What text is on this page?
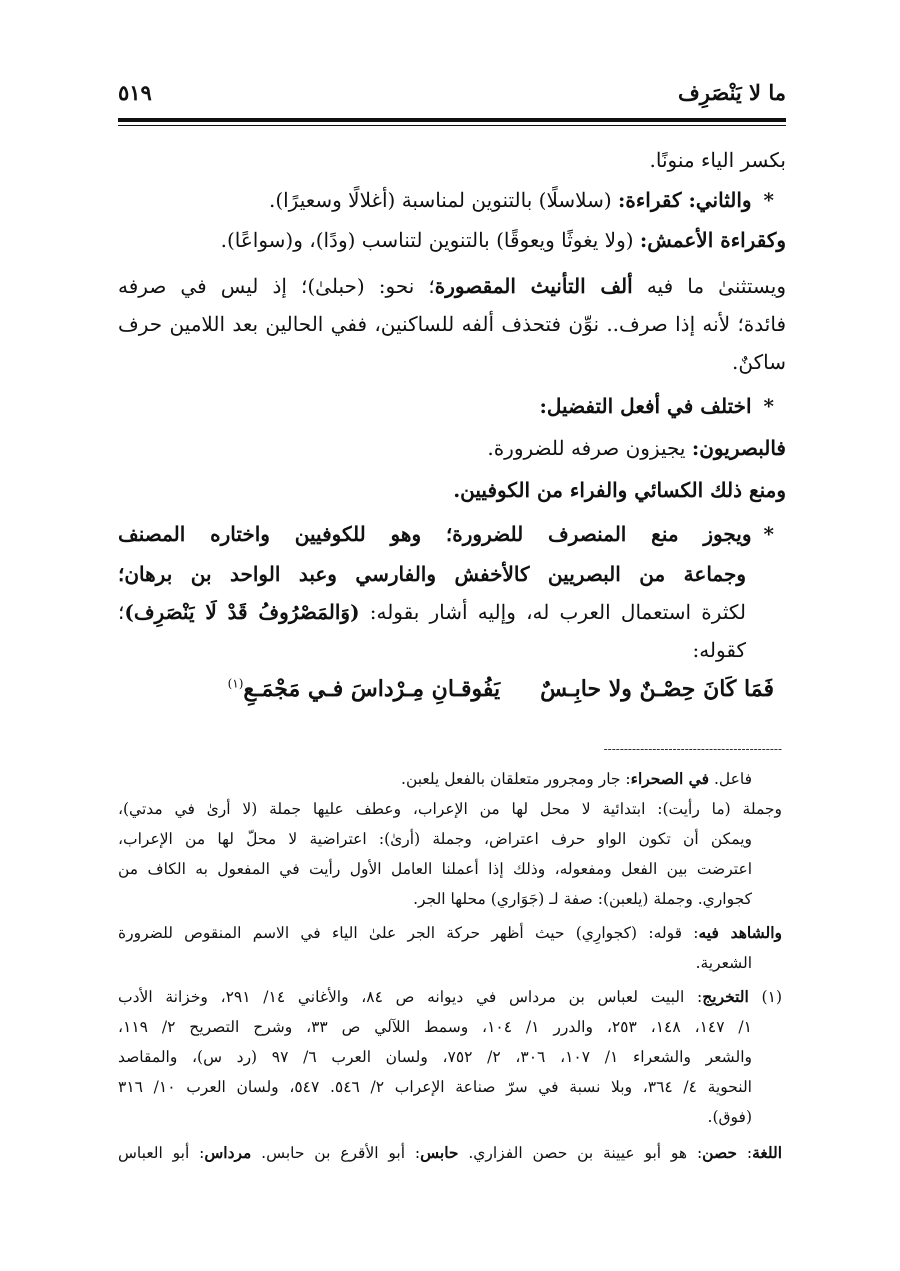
ما لا يَنْصَرِف
٥١٩
بكسر الياء منونًا.
*والثاني: كقراءة: (سلاسلًا) بالتنوين لمناسبة (أغلالًا وسعيرًا).
وكقراءة الأعمش: (ولا يغوثًا ويعوقًا) بالتنوين لتناسب (ودًا)، و(سواعًا).
ويستثنىٰ ما فيه ألف التأنيث المقصورة؛ نحو: (حبلىٰ)؛ إذ ليس في صرفه
فائدة؛ لأنه إذا صرف.. نوِّن فتحذف ألفه للساكنين، ففي الحالين بعد اللامين حرف
ساكنٌ.
*اختلف في أفعل التفضيل:
فالبصريون: يجيزون صرفه للضرورة.
ومنع ذلك الكسائي والفراء من الكوفيين.
*ويجوز منع المنصرف للضرورة؛ وهو للكوفيين واختاره المصنف
وجماعة من البصريين كالأخفش والفارسي وعبد الواحد بن برهان؛
لكثرة استعمال العرب له، وإليه أشار بقوله: (وَالمَصْرُوفُ قَدْ لَا يَنْصَرِف)؛
كقوله:
فَمَا كَانَ حِصْـنٌ ولا حابِـسٌيَفُوقـانِ مِـرْداسَ فـي مَجْمَـعِ$^{(١)}$
--------------------------------------------
فاعل. في الصحراء: جار ومجرور متعلقان بالفعل يلعبن.
وجملة (ما رأيت): ابتدائية لا محل لها من الإعراب، وعطف عليها جملة (لا أرىٰ في مدتي)،
ويمكن أن تكون الواو حرف اعتراض، وجملة (أرىٰ): اعتراضية لا محلّ لها من الإعراب،
اعترضت بين الفعل ومفعوله، وذلك إذا أعملنا العامل الأول رأيت في المفعول به الكاف من
كجواري. وجملة (يلعبن): صفة لـ (جَوَاري) محلها الجر.
والشاهد فيه: قوله: (كجوارِي) حيث أظهر حركة الجر علىٰ الياء في الاسم المنقوص للضرورة
الشعرية.
(١) التخريج: البيت لعباس بن مرداس في ديوانه ص ٨٤، والأغاني ١٤/ ٢٩١، وخزانة الأدب
١/ ١٤٧، ١٤٨، ٢٥٣، والدرر ١/ ١٠٤، وسمط اللآلي ص ٣٣، وشرح التصريح ٢/ ١١٩،
والشعر والشعراء ١/ ١٠٧، ٣٠٦، ٢/ ٧٥٢، ولسان العرب ٦/ ٩٧ (رد س)، والمقاصد
النحوية ٤/ ٣٦٤، وبلا نسبة في سرّ صناعة الإعراب ٢/ ٥٤٦. ٥٤٧، ولسان العرب ١٠/ ٣١٦
(فوق).
اللغة: حصن: هو أبو عيينة بن حصن الفزاري. حابس: أبو الأقرع بن حابس. مرداس: أبو العباس
